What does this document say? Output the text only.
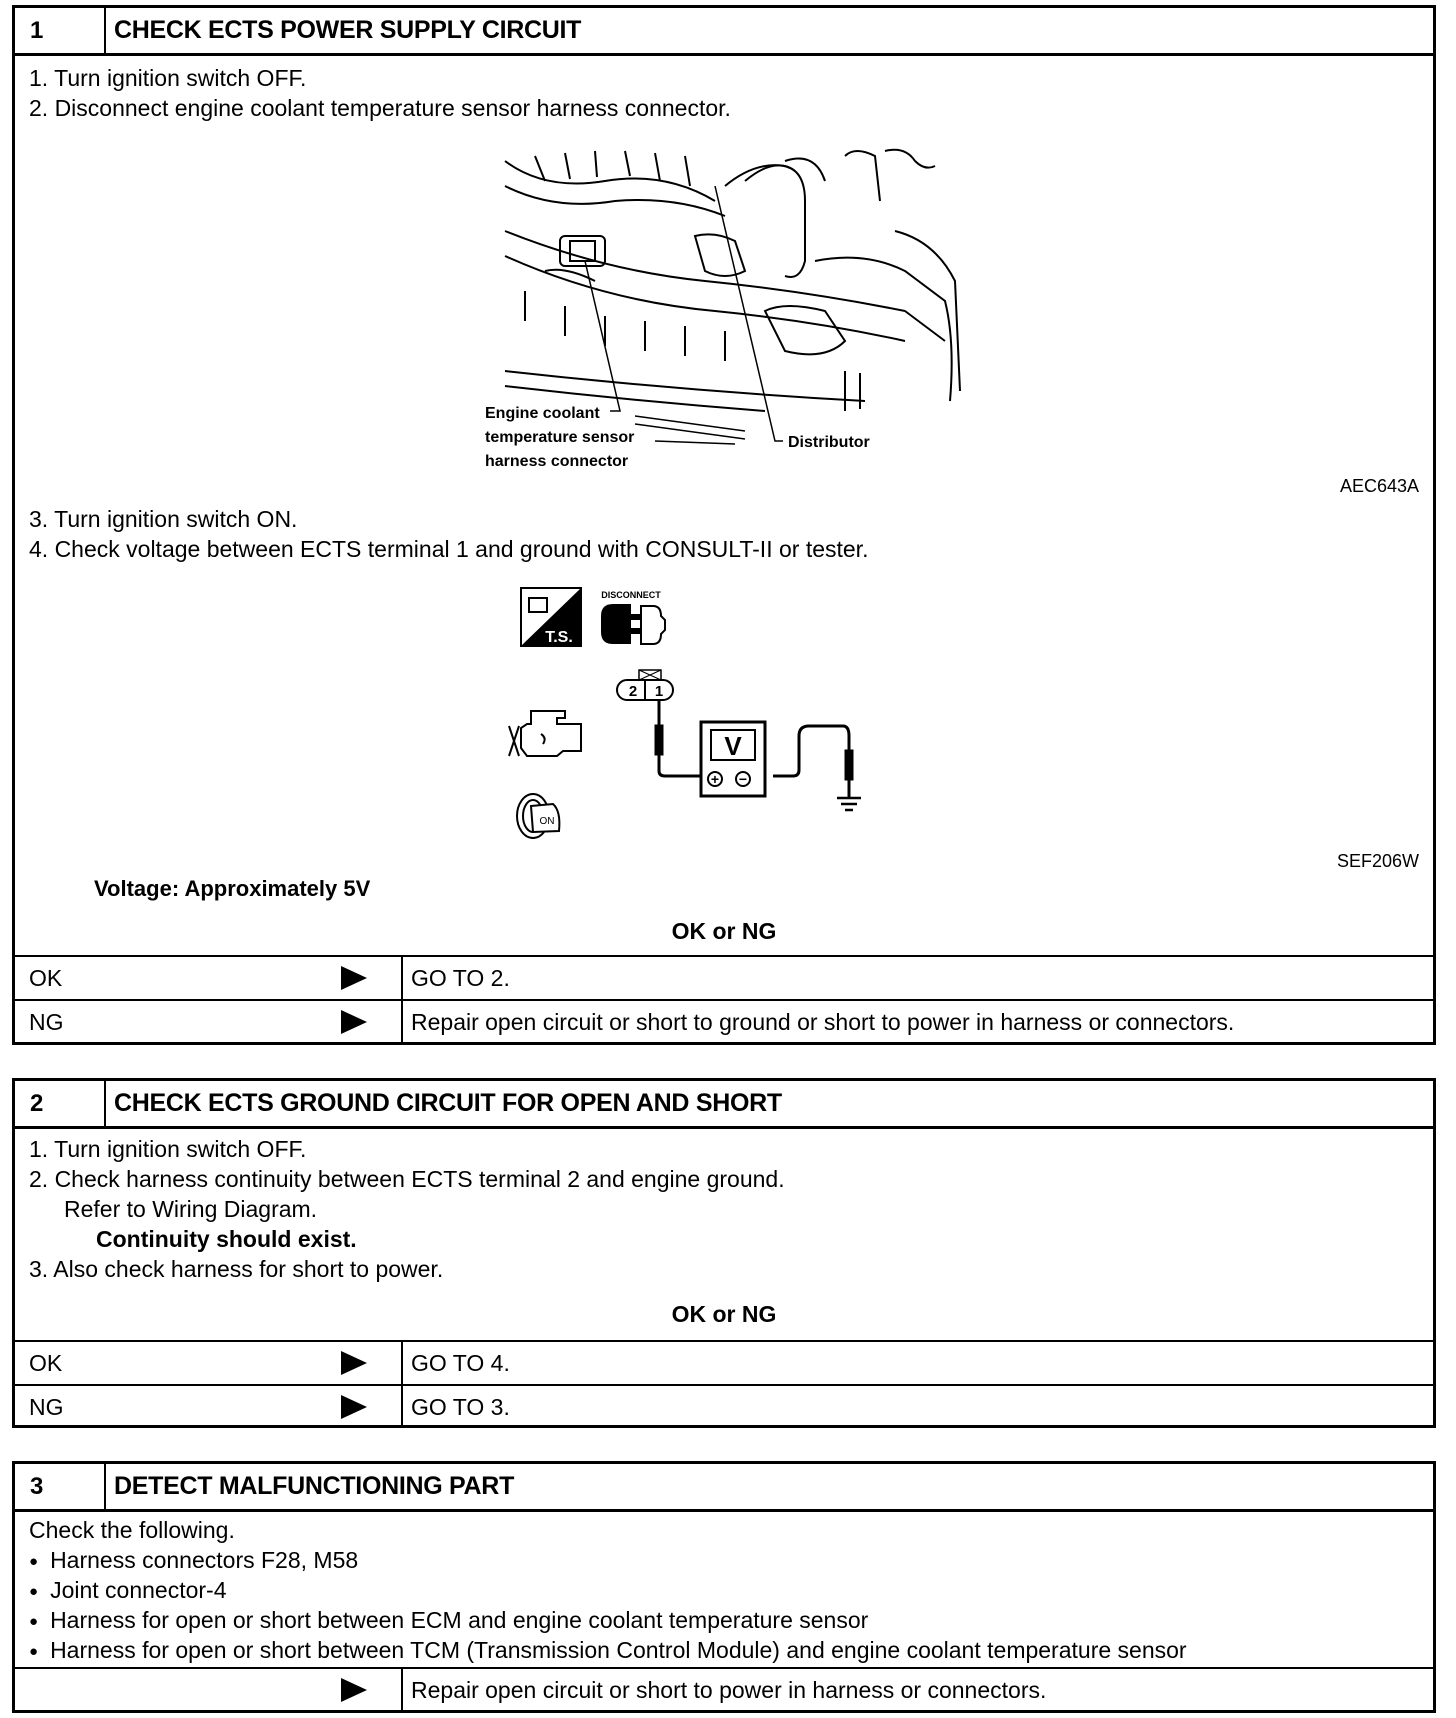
1	CHECK ECTS POWER SUPPLY CIRCUIT
1. Turn ignition switch OFF.
2. Disconnect engine coolant temperature sensor harness connector.
Engine coolant
temperature sensor
harness connector
Distributor
AEC643A
3. Turn ignition switch ON.
4. Check voltage between ECTS terminal 1 and ground with CONSULT-II or tester.
T.S.
DISCONNECT
2 1
ON
V
+ −
SEF206W
Voltage: Approximately 5V
OK or NG
OK	GO TO 2.
NG	Repair open circuit or short to ground or short to power in harness or connectors.
2	CHECK ECTS GROUND CIRCUIT FOR OPEN AND SHORT
1. Turn ignition switch OFF.
2. Check harness continuity between ECTS terminal 2 and engine ground.
Refer to Wiring Diagram.
Continuity should exist.
3. Also check harness for short to power.
OK or NG
OK	GO TO 4.
NG	GO TO 3.
3	DETECT MALFUNCTIONING PART
Check the following.
● Harness connectors F28, M58
● Joint connector-4
● Harness for open or short between ECM and engine coolant temperature sensor
● Harness for open or short between TCM (Transmission Control Module) and engine coolant temperature sensor
Repair open circuit or short to power in harness or connectors.
